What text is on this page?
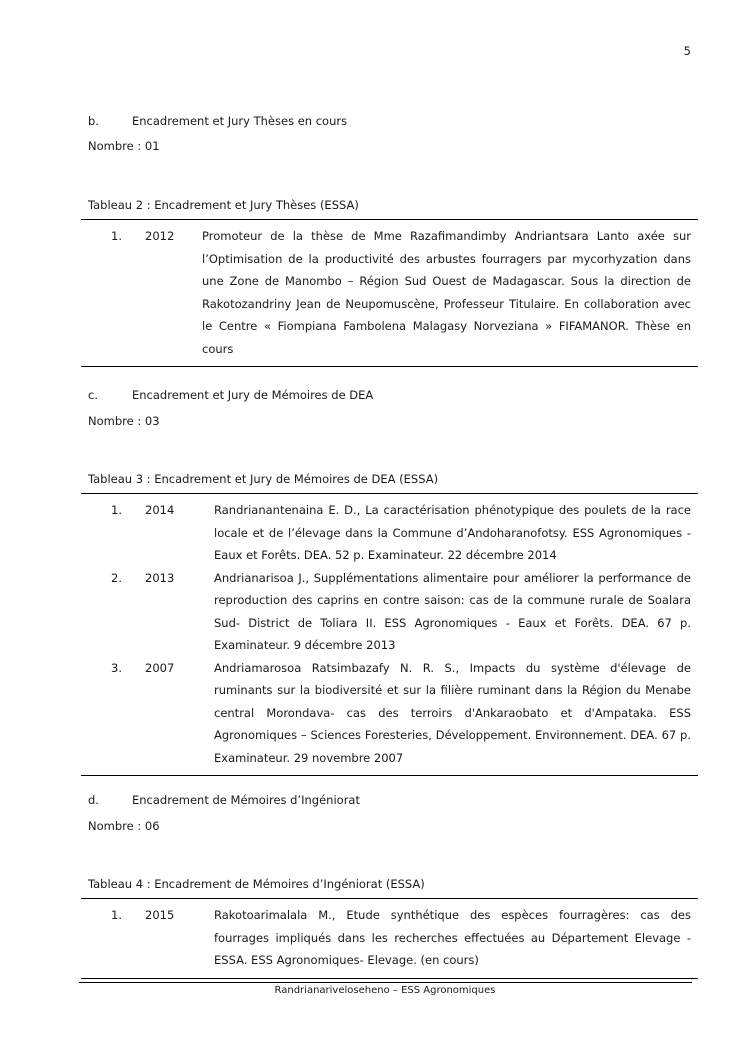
5
b.	Encadrement et Jury Thèses en cours
Nombre : 01
Tableau 2 : Encadrement et Jury Thèses (ESSA)
1. 2012 Promoteur de la thèse de Mme Razafimandimby Andriantsara Lanto axée sur l’Optimisation de la productivité des arbustes fourragers par mycorhyzation dans une Zone de Manombo – Région Sud Ouest de Madagascar. Sous la direction de Rakotozandriny Jean de Neupomuscène, Professeur Titulaire. En collaboration avec le Centre « Fiompiana Fambolena Malagasy Norveziana » FIFAMANOR. Thèse en cours
c.	Encadrement et Jury de Mémoires de DEA
Nombre : 03
Tableau 3 : Encadrement et Jury de Mémoires de DEA (ESSA)
1. 2014	Randrianantenaina E. D., La caractérisation phénotypique des poulets de la race locale et de l’élevage dans la Commune d’Andoharanofotsy. ESS Agronomiques - Eaux et Forêts. DEA. 52 p. Examinateur. 22 décembre 2014
2. 2013	Andrianarisoa J., Supplémentations alimentaire pour améliorer la performance de reproduction des caprins en contre saison: cas de la commune rurale de Soalara Sud- District de Toliara II. ESS Agronomiques - Eaux et Forêts. DEA. 67 p. Examinateur. 9 décembre 2013
3. 2007	Andriamarosoa Ratsimbazafy N. R. S., Impacts du système d'élevage de ruminants sur la biodiversité et sur la filière ruminant dans la Région du Menabe central Morondava- cas des terroirs d'Ankaraobato et d'Ampataka. ESS Agronomiques – Sciences Foresteries, Développement. Environnement. DEA. 67 p. Examinateur. 29 novembre 2007
d.	Encadrement de Mémoires d’Ingéniorat
Nombre : 06
Tableau 4 : Encadrement de Mémoires d’Ingéniorat (ESSA)
1. 2015	Rakotoarimalala M., Etude synthétique des espèces fourragères: cas des fourrages impliqués dans les recherches effectuées au Département Elevage - ESSA. ESS Agronomiques- Elevage. (en cours)
Randrianariveloseheno – ESS Agronomiques
